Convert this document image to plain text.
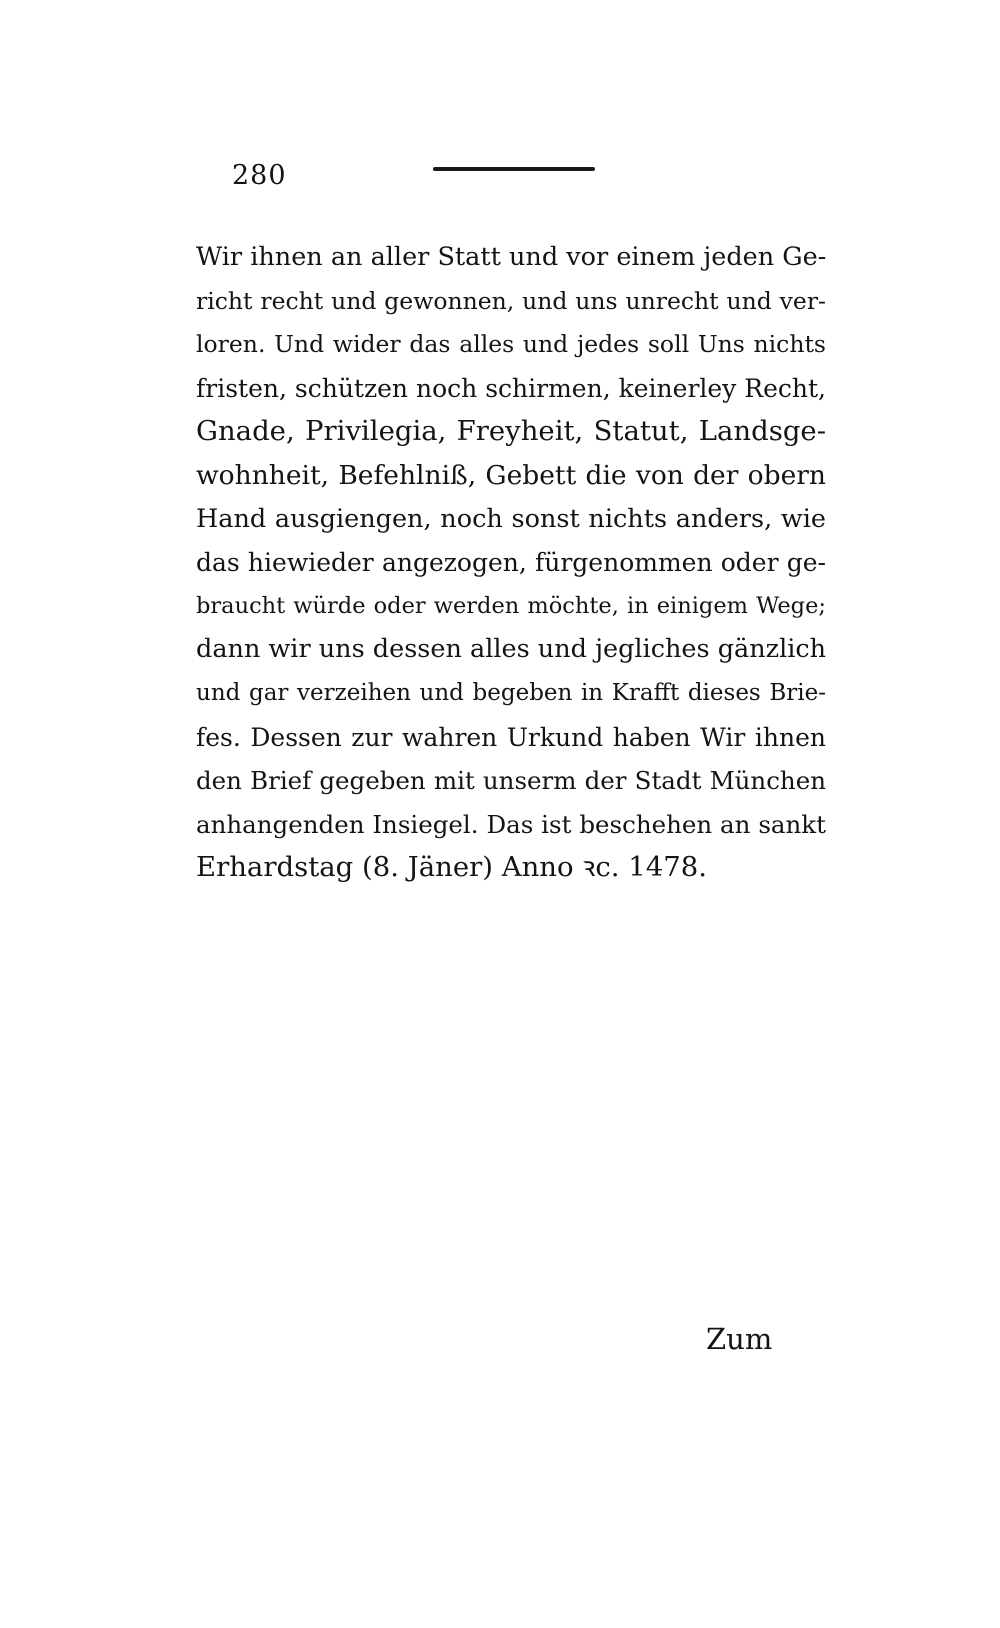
280
Wir ihnen an aller Statt und vor einem jeden Ge-
richt recht und gewonnen, und uns unrecht und ver-
loren. Und wider das alles und jedes soll Uns nichts
fristen, schützen noch schirmen, keinerley Recht,
Gnade, Privilegia, Freyheit, Statut, Landsge-
wohnheit, Befehlniß, Gebett die von der obern
Hand ausgiengen, noch sonst nichts anders, wie
das hiewieder angezogen, fürgenommen oder ge-
braucht würde oder werden möchte, in einigem Wege;
dann wir uns dessen alles und jegliches gänzlich
und gar verzeihen und begeben in Krafft dieses Brie-
fes. Dessen zur wahren Urkund haben Wir ihnen
den Brief gegeben mit unserm der Stadt München
anhangenden Insiegel. Das ist beschehen an sankt
Erhardstag (8. Jäner) Anno ꝛc. 1478.
Zum
